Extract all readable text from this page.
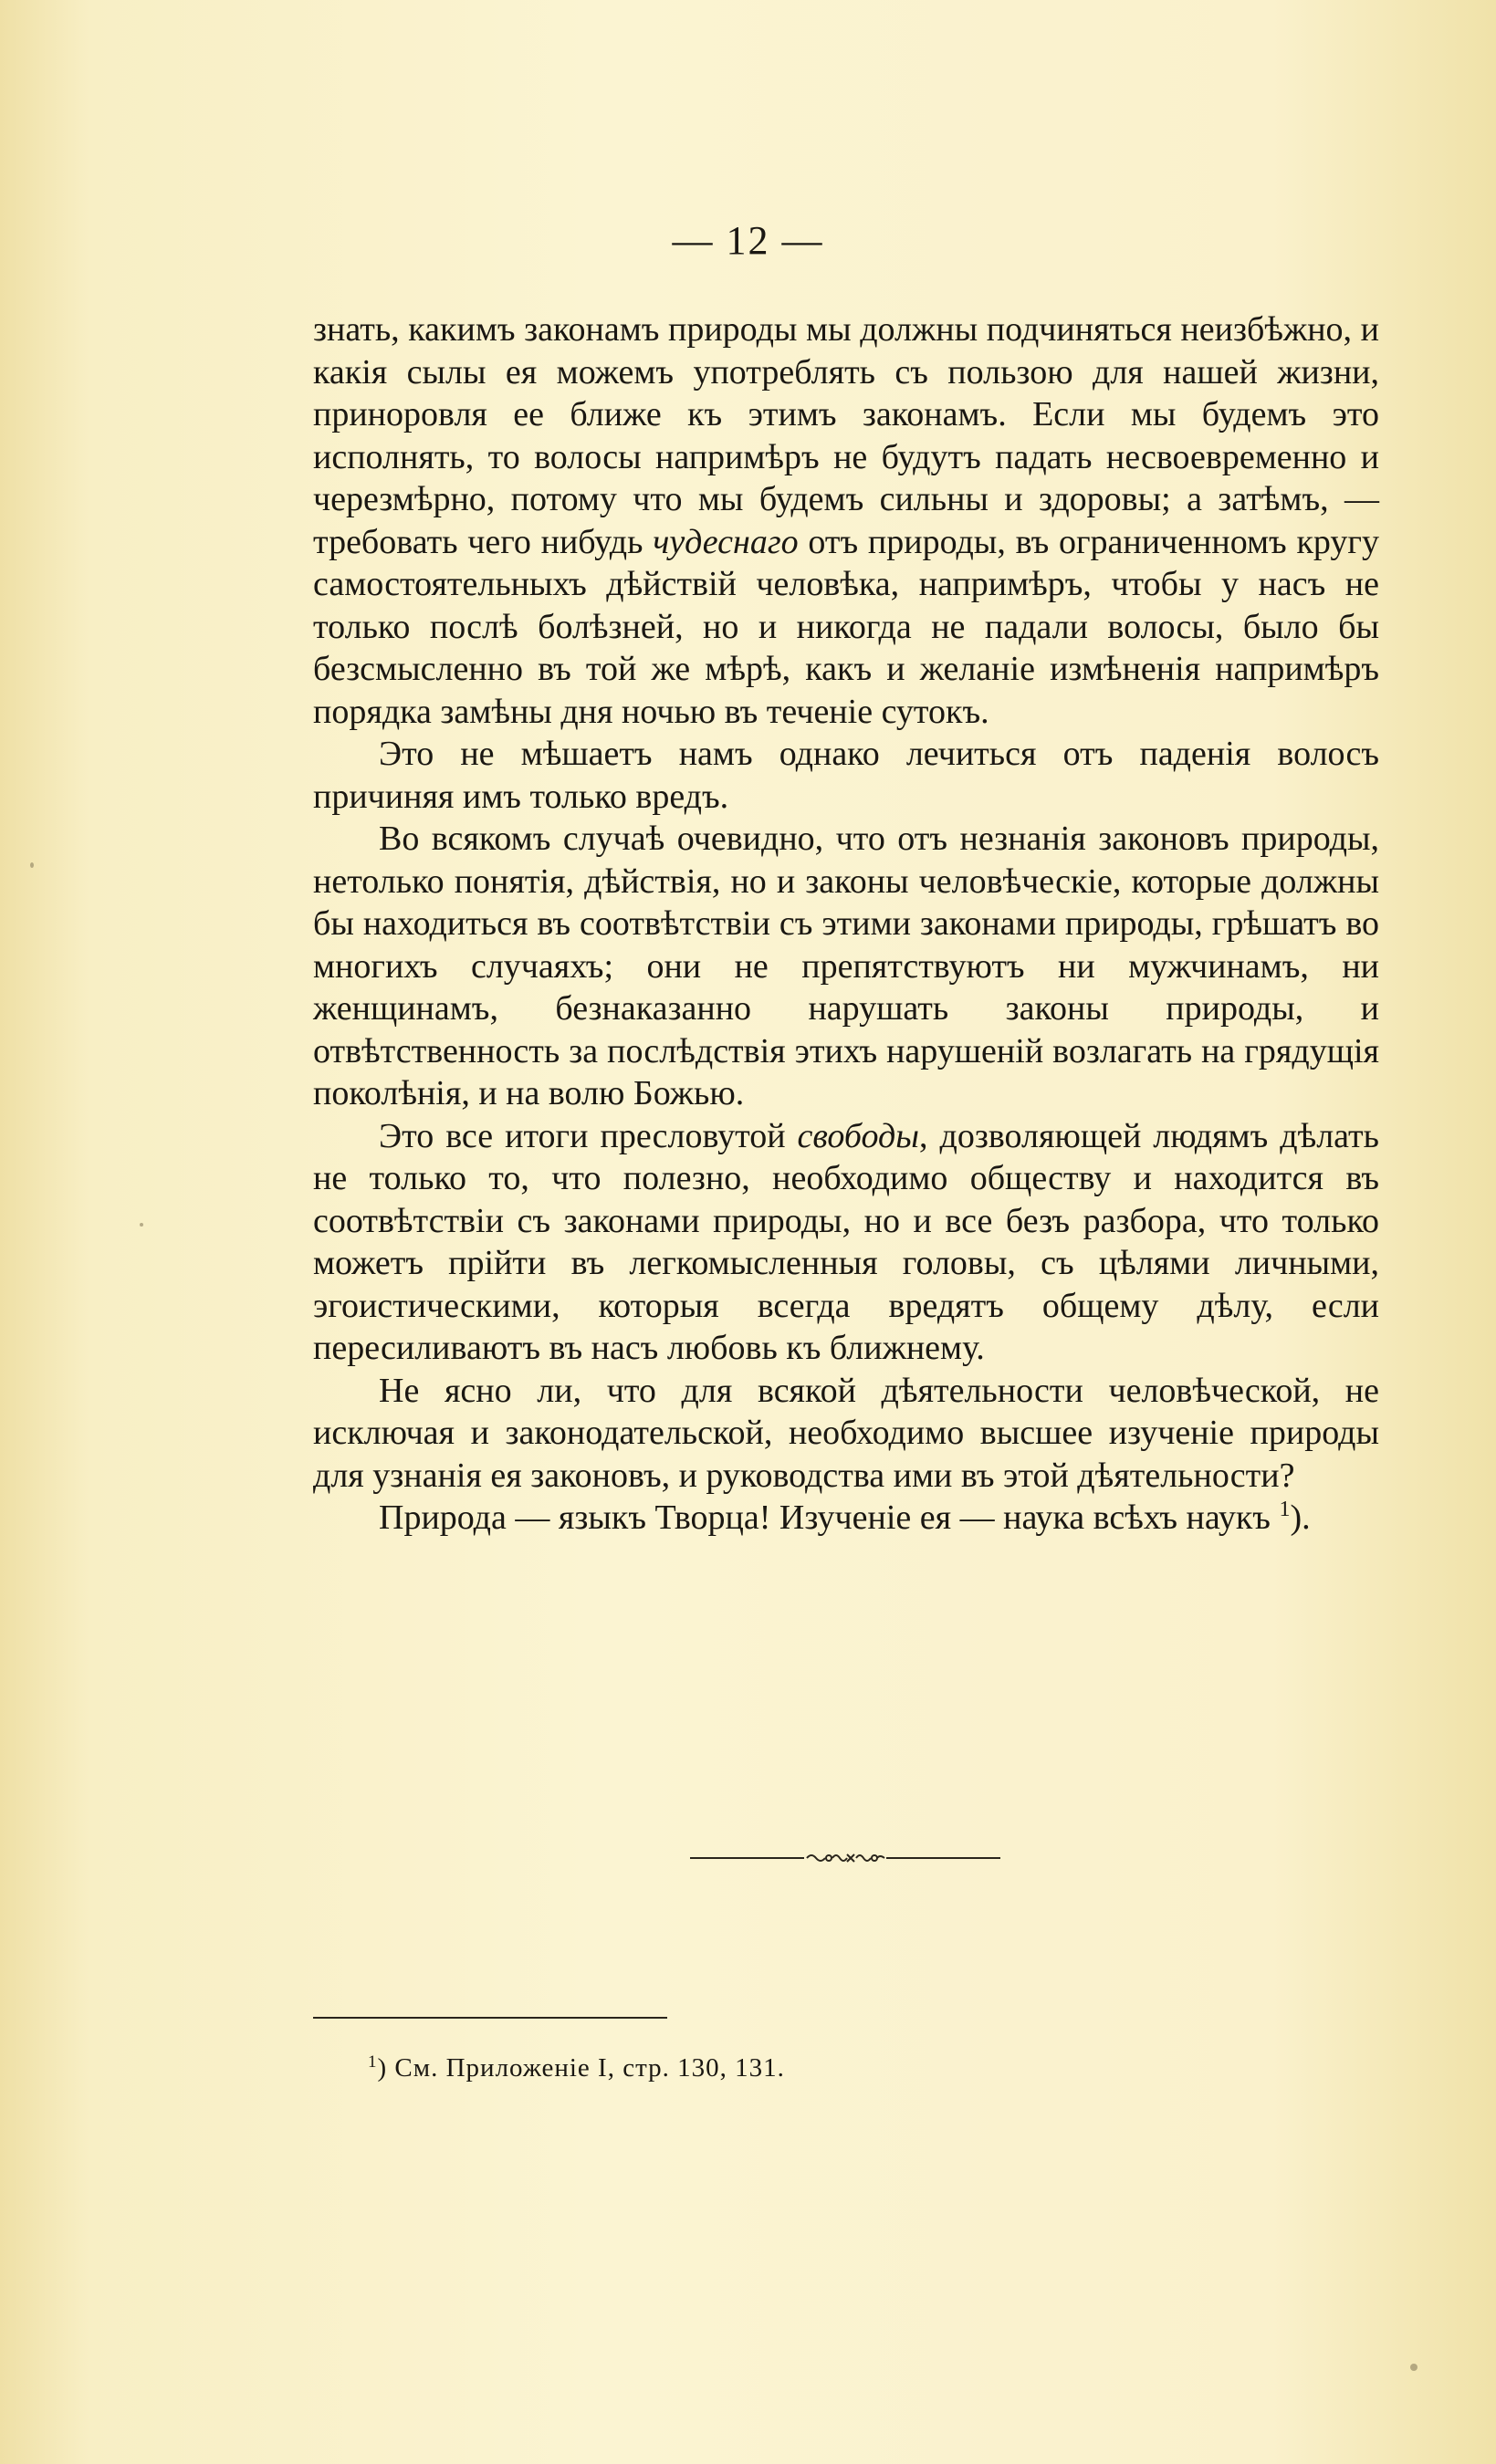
— 12 —

знать, какимъ законамъ природы мы должны подчиняться неизбѣжно, и какія сылы ея можемъ употреблять съ пользою для нашей жизни, приноровля ее ближе къ этимъ законамъ. Если мы будемъ это исполнять, то волосы напримѣръ не будутъ падать несвоевременно и черезмѣрно, потому что мы будемъ сильны и здоровы; а затѣмъ, — требовать чего нибудь чудеснаго отъ природы, въ ограниченномъ кругу самостоятельныхъ дѣйствій человѣка, напримѣръ, чтобы у насъ не только послѣ болѣзней, но и никогда не падали волосы, было бы безсмысленно въ той же мѣрѣ, какъ и желаніе измѣненія напримѣръ порядка замѣны дня ночью въ теченіе сутокъ.

Это не мѣшаетъ намъ однако лечиться отъ паденія волосъ причиняя имъ только вредъ.

Во всякомъ случаѣ очевидно, что отъ незнанія законовъ природы, нетолько понятія, дѣйствія, но и законы человѣческіе, которые должны бы находиться въ соотвѣтствіи съ этими законами природы, грѣшатъ во многихъ случаяхъ; они не препятствуютъ ни мужчинамъ, ни женщинамъ, безнаказанно нарушать законы природы, и отвѣтственность за послѣдствія этихъ нарушеній возлагать на грядущія поколѣнія, и на волю Божью.

Это все итоги пресловутой свободы, дозволяющей людямъ дѣлать не только то, что полезно, необходимо обществу и находится въ соотвѣтствіи съ законами природы, но и все безъ разбора, что только можетъ прійти въ легкомысленныя головы, съ цѣлями личными, эгоистическими, которыя всегда вредятъ общему дѣлу, если пересиливаютъ въ насъ любовь къ ближнему.

Не ясно ли, что для всякой дѣятельности человѣческой, не исключая и законодательской, необходимо высшее изученіе природы для узнанія ея законовъ, и руководства ими въ этой дѣятельности?

Природа — языкъ Творца! Изученіе ея — наука всѣхъ наукъ $^1$).

$^1$) См. Приложеніе I, стр. 130, 131.
